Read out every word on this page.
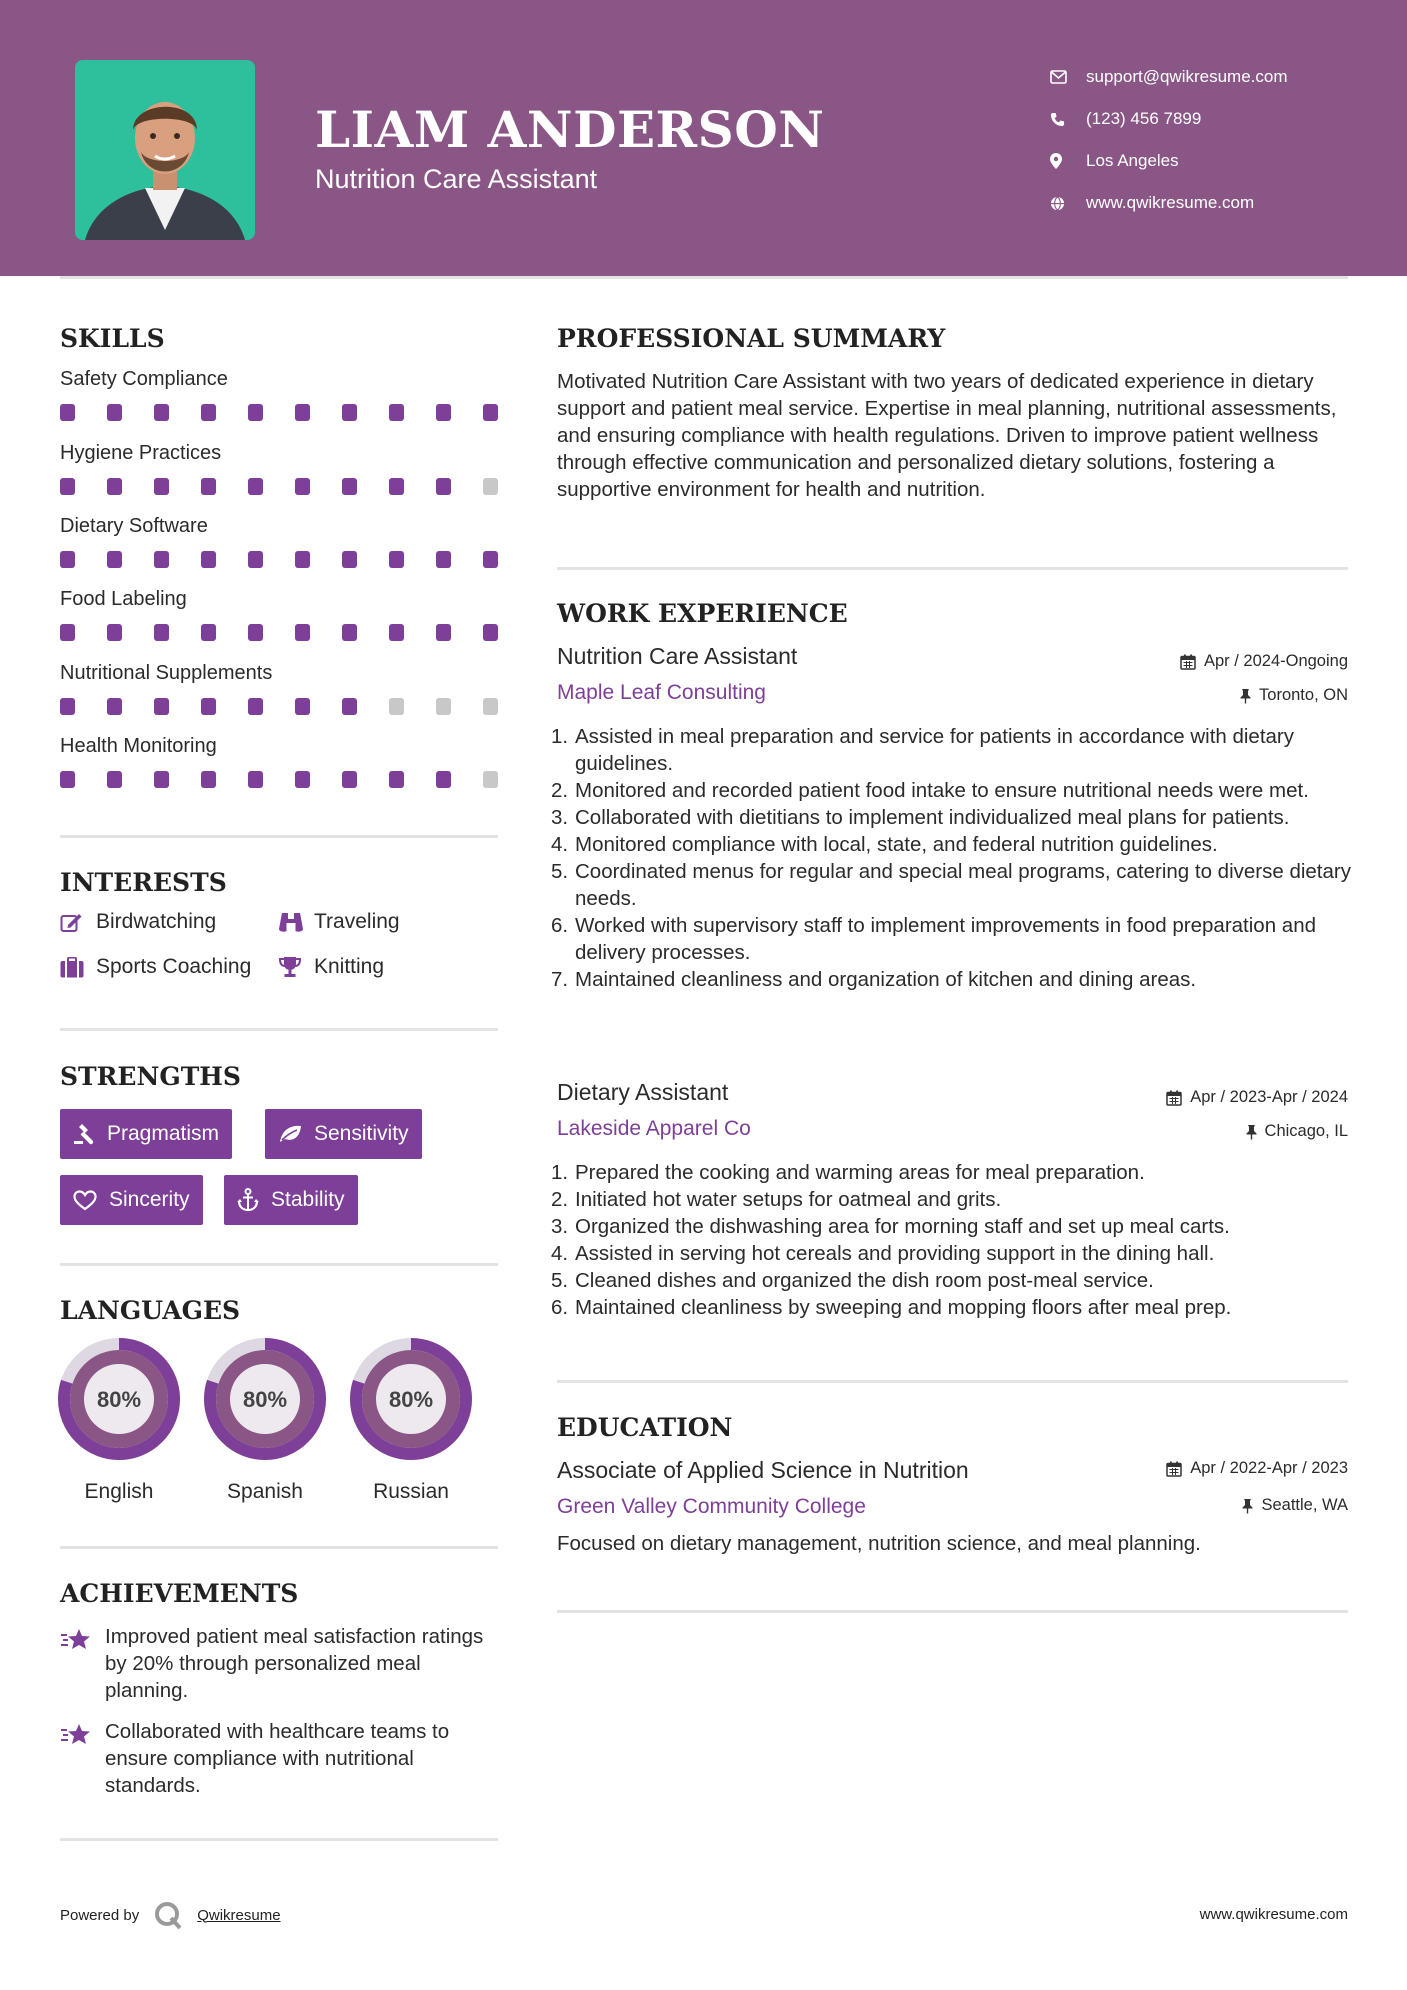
LIAM ANDERSON
Nutrition Care Assistant
support@qwikresume.com
(123) 456 7899
Los Angeles
www.qwikresume.com
SKILLS
Safety Compliance
Hygiene Practices
Dietary Software
Food Labeling
Nutritional Supplements
Health Monitoring
INTERESTS
Birdwatching	Traveling
Sports Coaching	Knitting
STRENGTHS
Pragmatism	Sensitivity
Sincerity	Stability
LANGUAGES
80%
English
80%
Spanish
80%
Russian
ACHIEVEMENTS
Improved patient meal satisfaction ratings by 20% through personalized meal planning.
Collaborated with healthcare teams to ensure compliance with nutritional standards.
PROFESSIONAL SUMMARY
Motivated Nutrition Care Assistant with two years of dedicated experience in dietary support and patient meal service. Expertise in meal planning, nutritional assessments, and ensuring compliance with health regulations. Driven to improve patient wellness through effective communication and personalized dietary solutions, fostering a supportive environment for health and nutrition.
WORK EXPERIENCE
Nutrition Care Assistant	Apr / 2024-Ongoing
Maple Leaf Consulting	Toronto, ON
1. Assisted in meal preparation and service for patients in accordance with dietary guidelines.
2. Monitored and recorded patient food intake to ensure nutritional needs were met.
3. Collaborated with dietitians to implement individualized meal plans for patients.
4. Monitored compliance with local, state, and federal nutrition guidelines.
5. Coordinated menus for regular and special meal programs, catering to diverse dietary needs.
6. Worked with supervisory staff to implement improvements in food preparation and delivery processes.
7. Maintained cleanliness and organization of kitchen and dining areas.
Dietary Assistant	Apr / 2023-Apr / 2024
Lakeside Apparel Co	Chicago, IL
1. Prepared the cooking and warming areas for meal preparation.
2. Initiated hot water setups for oatmeal and grits.
3. Organized the dishwashing area for morning staff and set up meal carts.
4. Assisted in serving hot cereals and providing support in the dining hall.
5. Cleaned dishes and organized the dish room post-meal service.
6. Maintained cleanliness by sweeping and mopping floors after meal prep.
EDUCATION
Associate of Applied Science in Nutrition	Apr / 2022-Apr / 2023
Green Valley Community College	Seattle, WA
Focused on dietary management, nutrition science, and meal planning.
Powered by	Qwikresume	www.qwikresume.com
